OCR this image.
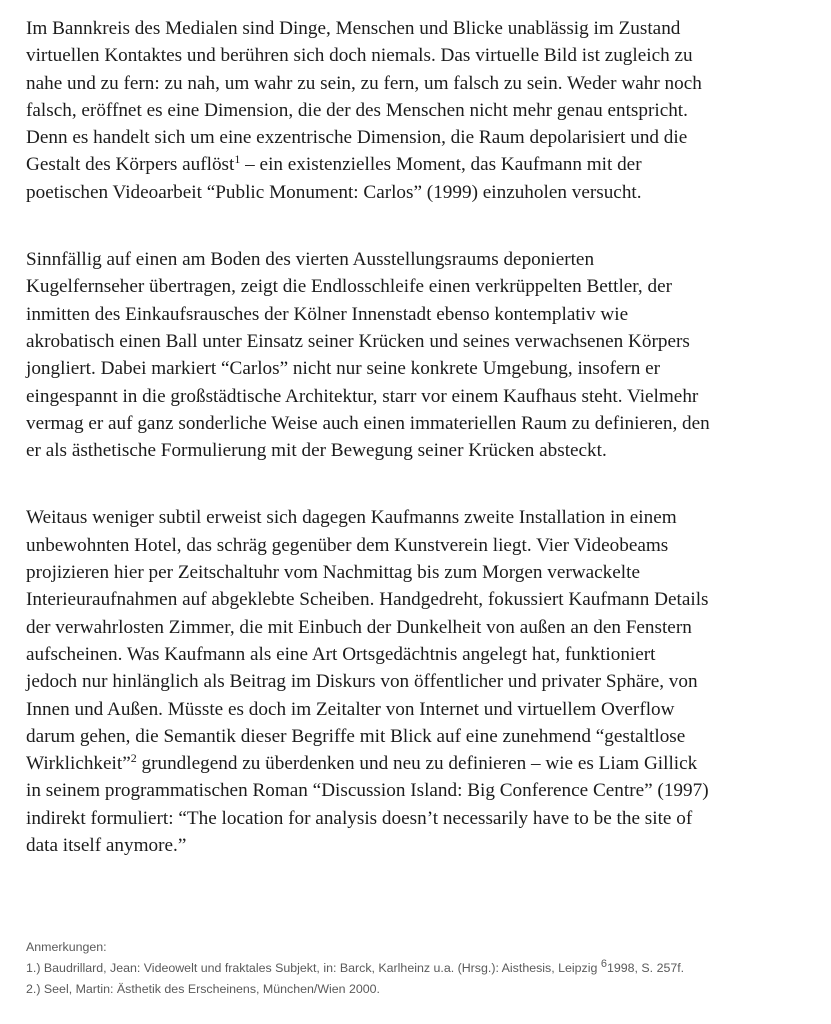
Im Bannkreis des Medialen sind Dinge, Menschen und Blicke unablässig im Zustand
virtuellen Kontaktes und berühren sich doch niemals. Das virtuelle Bild ist zugleich zu
nahe und zu fern: zu nah, um wahr zu sein, zu fern, um falsch zu sein. Weder wahr noch
falsch, eröffnet es eine Dimension, die der des Menschen nicht mehr genau entspricht.
Denn es handelt sich um eine exzentrische Dimension, die Raum depolarisiert und die
Gestalt des Körpers auflöst$^1$ – ein existenzielles Moment, das Kaufmann mit der
poetischen Videoarbeit “Public Monument: Carlos” (1999) einzuholen versucht.

Sinnfällig auf einen am Boden des vierten Ausstellungsraums deponierten
Kugelfernseher übertragen, zeigt die Endlosschleife einen verkrüppelten Bettler, der
inmitten des Einkaufsrausches der Kölner Innenstadt ebenso kontemplativ wie
akrobatisch einen Ball unter Einsatz seiner Krücken und seines verwachsenen Körpers
jongliert. Dabei markiert “Carlos” nicht nur seine konkrete Umgebung, insofern er
eingespannt in die großstädtische Architektur, starr vor einem Kaufhaus steht. Vielmehr
vermag er auf ganz sonderliche Weise auch einen immateriellen Raum zu definieren, den
er als ästhetische Formulierung mit der Bewegung seiner Krücken absteckt.

Weitaus weniger subtil erweist sich dagegen Kaufmanns zweite Installation in einem
unbewohnten Hotel, das schräg gegenüber dem Kunstverein liegt. Vier Videobeams
projizieren hier per Zeitschaltuhr vom Nachmittag bis zum Morgen verwackelte
Interieuraufnahmen auf abgeklebte Scheiben. Handgedreht, fokussiert Kaufmann Details
der verwahrlosten Zimmer, die mit Einbuch der Dunkelheit von außen an den Fenstern
aufscheinen. Was Kaufmann als eine Art Ortsgedächtnis angelegt hat, funktioniert
jedoch nur hinlänglich als Beitrag im Diskurs von öffentlicher und privater Sphäre, von
Innen und Außen. Müsste es doch im Zeitalter von Internet und virtuellem Overflow
darum gehen, die Semantik dieser Begriffe mit Blick auf eine zunehmend “gestaltlose
Wirklichkeit”$^2$ grundlegend zu überdenken und neu zu definieren – wie es Liam Gillick
in seinem programmatischen Roman “Discussion Island: Big Conference Centre” (1997)
indirekt formuliert: “The location for analysis doesn’t necessarily have to be the site of
data itself anymore.”

Anmerkungen:
1.) Baudrillard, Jean: Videowelt und fraktales Subjekt, in: Barck, Karlheinz u.a. (Hrsg.): Aisthesis, Leipzig $^6$1998, S. 257f.
2.) Seel, Martin: Ästhetik des Erscheinens, München/Wien 2000.
